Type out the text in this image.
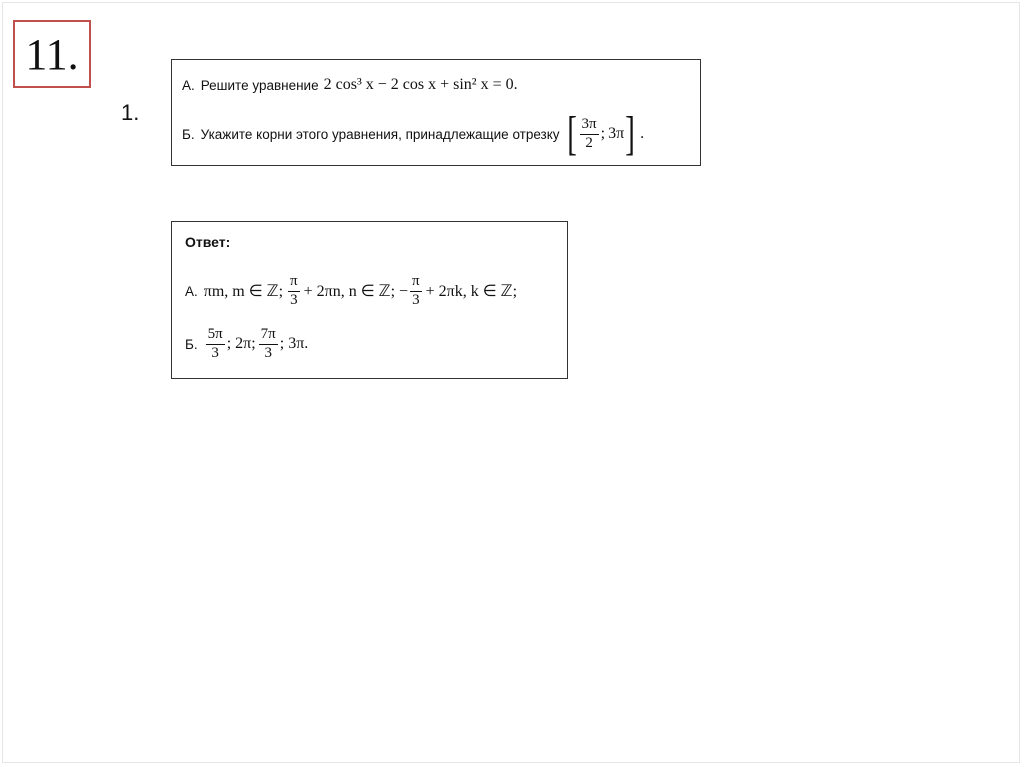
11.
1.
А. Решите уравнение 2 cos³ x − 2 cos x + sin² x = 0.
Б. Укажите корни этого уравнения, принадлежащие отрезку [ $\frac{3\pi}{2}$ ; 3π ] .
Ответ:
А. πm, m ∈ ℤ; $\frac{\pi}{3} + 2\pi n$, n ∈ ℤ; − $\frac{\pi}{3} + 2\pi k$, k ∈ ℤ;
Б. $\frac{5\pi}{3}$ ; 2π; $\frac{7\pi}{3}$ ; 3π.
